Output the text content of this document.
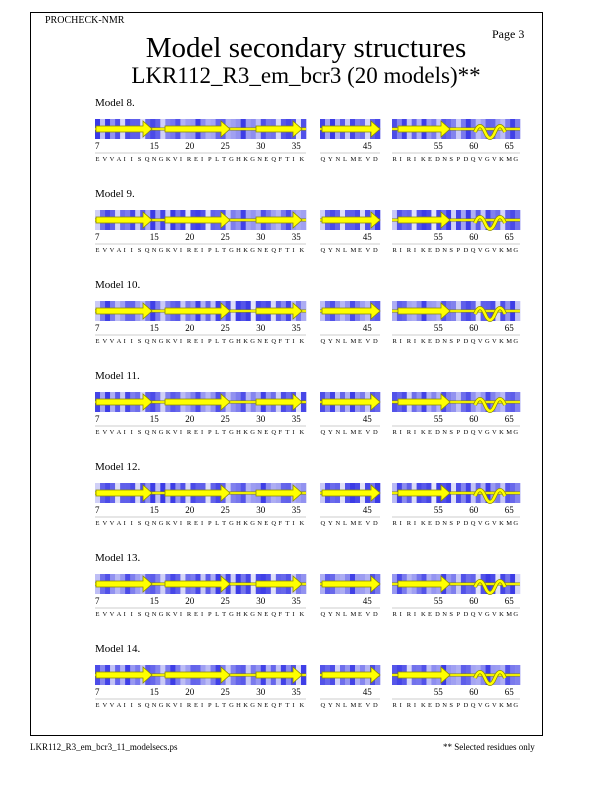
PROCHECK-NMR
Page 3
Model secondary structures
LKR112_R3_em_bcr3 (20 models)**
Model 8.
7	15	20	25	30	35	45	55	60	65
E V V A I I S Q N G K V I R E I P L T G H K G N E Q F T I K	Q Y N L M E V D R I R I K E D N S P D Q V G V K M G
Model 9.
7	15	20	25	30	35	45	55	60	65
E V V A I I S Q N G K V I R E I P L T G H K G N E Q F T I K	Q Y N L M E V D R I R I K E D N S P D Q V G V K M G
Model 10.
7	15	20	25	30	35	45	55	60	65
E V V A I I S Q N G K V I R E I P L T G H K G N E Q F T I K	Q Y N L M E V D R I R I K E D N S P D Q V G V K M G
Model 11.
7	15	20	25	30	35	45	55	60	65
E V V A I I S Q N G K V I R E I P L T G H K G N E Q F T I K	Q Y N L M E V D R I R I K E D N S P D Q V G V K M G
Model 12.
7	15	20	25	30	35	45	55	60	65
E V V A I I S Q N G K V I R E I P L T G H K G N E Q F T I K	Q Y N L M E V D R I R I K E D N S P D Q V G V K M G
Model 13.
7	15	20	25	30	35	45	55	60	65
E V V A I I S Q N G K V I R E I P L T G H K G N E Q F T I K	Q Y N L M E V D R I R I K E D N S P D Q V G V K M G
Model 14.
7	15	20	25	30	35	45	55	60	65
E V V A I I S Q N G K V I R E I P L T G H K G N E Q F T I K	Q Y N L M E V D R I R I K E D N S P D Q V G V K M G
LKR112_R3_em_bcr3_11_modelsecs.ps	** Selected residues only
